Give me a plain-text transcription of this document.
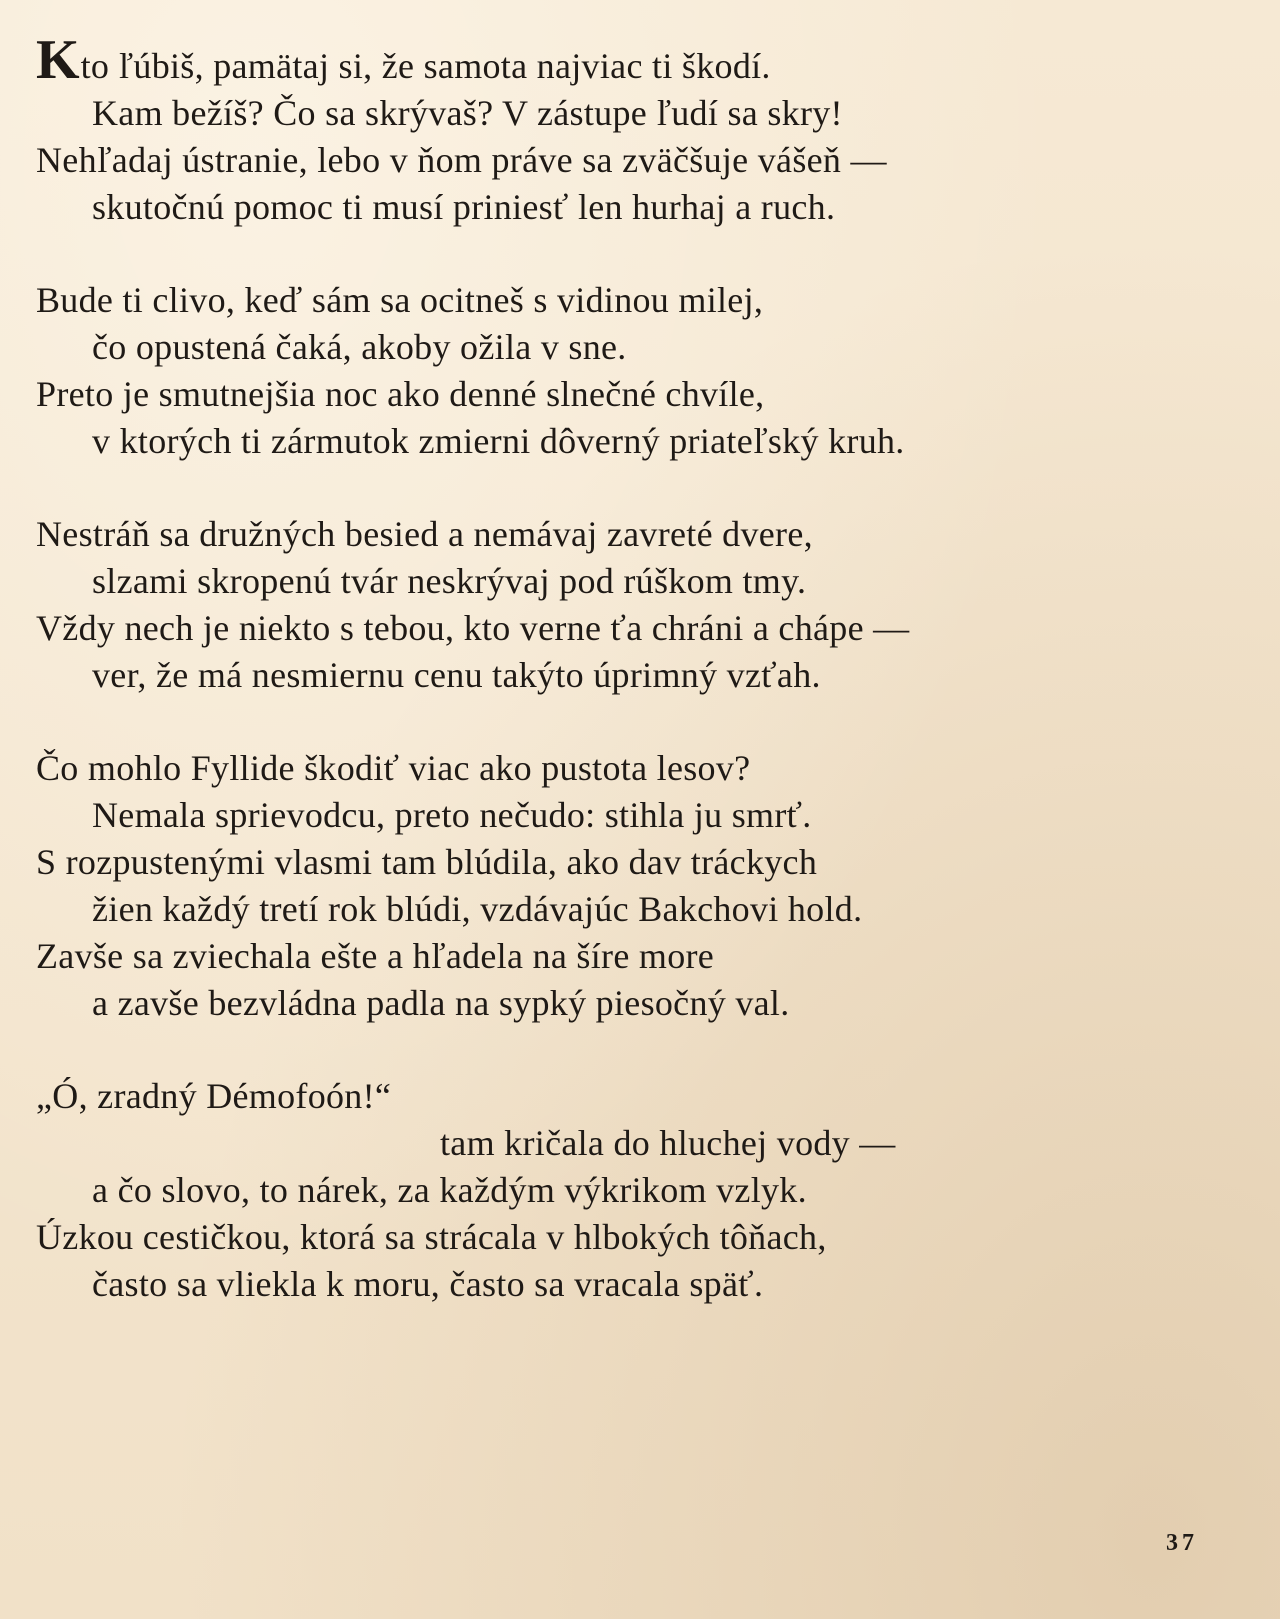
Kto ľúbiš, pamätaj si, že samota najviac ti škodí.
Kam bežíš? Čo sa skrývaš? V zástupe ľudí sa skry!
Nehľadaj ústranie, lebo v ňom práve sa zväčšuje vášeň —
skutočnú pomoc ti musí priniesť len hurhaj a ruch.
Bude ti clivo, keď sám sa ocitneš s vidinou milej,
čo opustená čaká, akoby ožila v sne.
Preto je smutnejšia noc ako denné slnečné chvíle,
v ktorých ti zármutok zmierni dôverný priateľský kruh.
Nestráň sa družných besied a nemávaj zavreté dvere,
slzami skropenú tvár neskrývaj pod rúškom tmy.
Vždy nech je niekto s tebou, kto verne ťa chráni a chápe —
ver, že má nesmiernu cenu takýto úprimný vzťah.
Čo mohlo Fyllide škodiť viac ako pustota lesov?
Nemala sprievodcu, preto nečudo: stihla ju smrť.
S rozpustenými vlasmi tam blúdila, ako dav tráckych
žien každý tretí rok blúdi, vzdávajúc Bakchovi hold.
Zavše sa zviechala ešte a hľadela na šíre more
a zavše bezvládna padla na sypký piesočný val.
„Ó, zradný Démofoón!“
tam kričala do hluchej vody —
a čo slovo, to nárek, za každým výkrikom vzlyk.
Úzkou cestičkou, ktorá sa strácala v hlbokých tôňach,
často sa vliekla k moru, často sa vracala späť.
37
